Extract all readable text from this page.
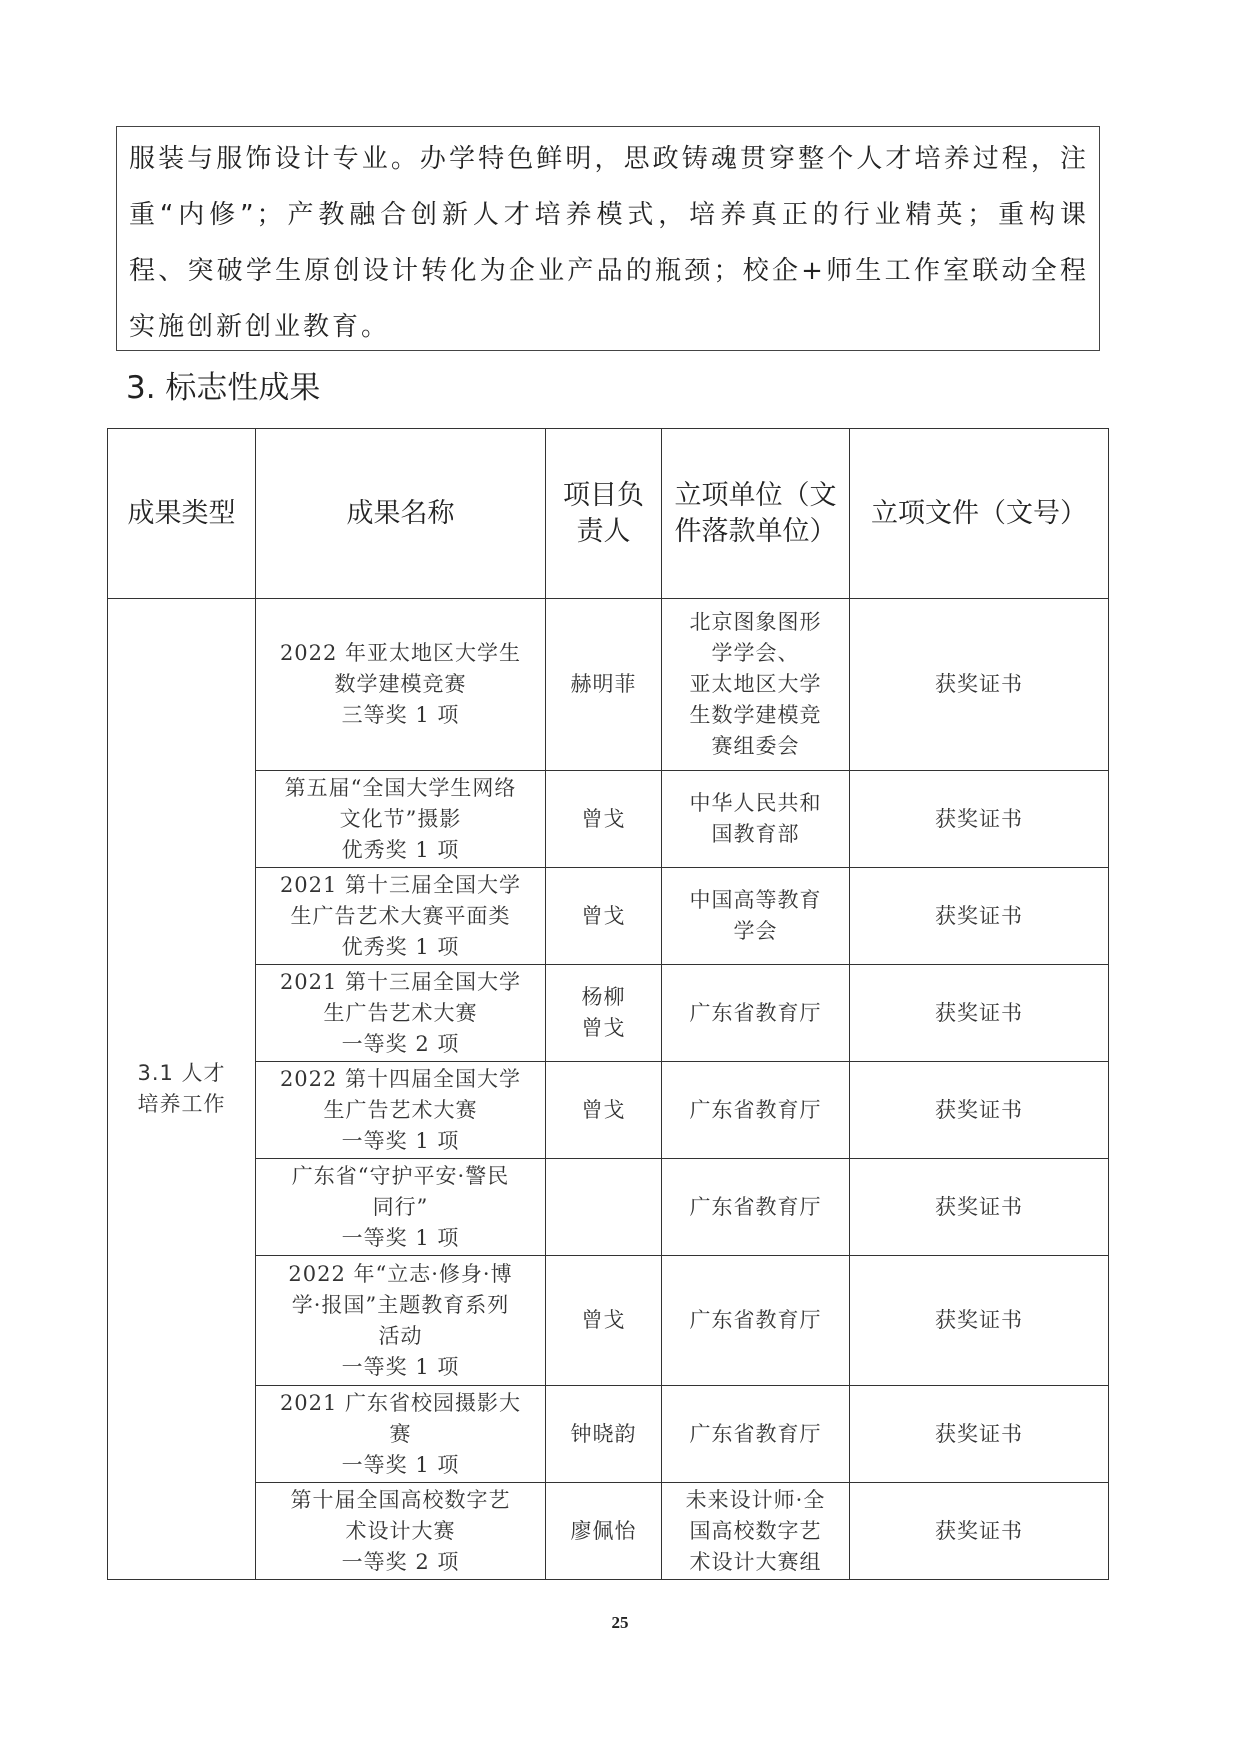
服装与服饰设计专业。办学特色鲜明，思政铸魂贯穿整个人才培养过程，注重“内修”；产教融合创新人才培养模式，培养真正的行业精英；重构课程、突破学生原创设计转化为企业产品的瓶颈；校企+师生工作室联动全程实施创新创业教育。

3. 标志性成果
成果类型	成果名称	项目负
责人	立项单位（文
件落款单位）	立项文件（文号）

3.1 人才
培养工作	2022 年亚太地区大学生
数学建模竞赛
三等奖 1 项	赫明菲	北京图象图形
学学会、
亚太地区大学
生数学建模竞
赛组委会	获奖证书

	第五届“全国大学生网络
文化节”摄影
优秀奖 1 项	曾戈	中华人民共和
国教育部	获奖证书

	2021 第十三届全国大学
生广告艺术大赛平面类
优秀奖 1 项	曾戈	中国高等教育
学会	获奖证书

	2021 第十三届全国大学
生广告艺术大赛
一等奖 2 项	杨柳
曾戈	广东省教育厅	获奖证书

	2022 第十四届全国大学
生广告艺术大赛
一等奖 1 项	曾戈	广东省教育厅	获奖证书

	广东省“守护平安·警民
同行”
一等奖 1 项		广东省教育厅	获奖证书

	2022 年“立志·修身·博
学·报国”主题教育系列
活动
一等奖 1 项	曾戈	广东省教育厅	获奖证书

	2021 广东省校园摄影大
赛
一等奖 1 项	钟晓韵	广东省教育厅	获奖证书

	第十届全国高校数字艺
术设计大赛
一等奖 2 项	廖佩怡	未来设计师·全
国高校数字艺
术设计大赛组	获奖证书
25
